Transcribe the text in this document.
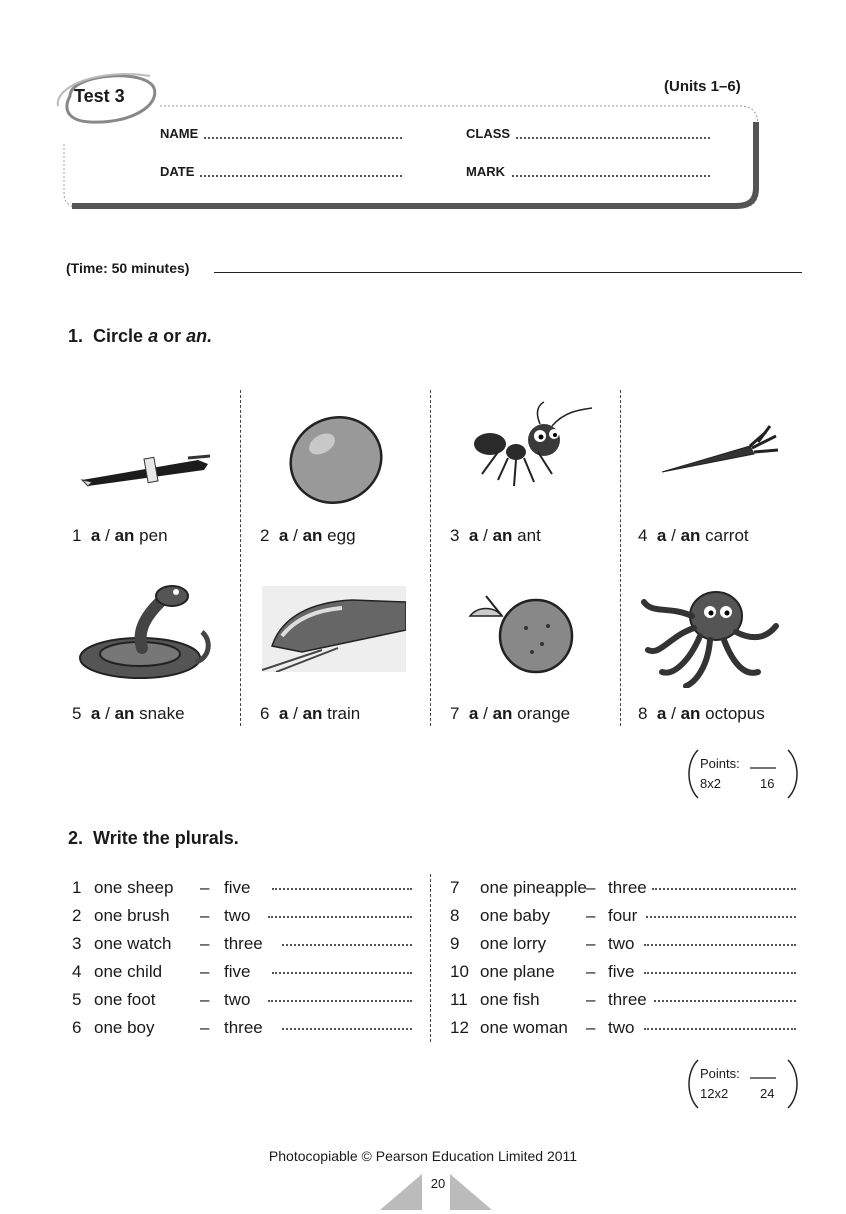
Test 3	(Units 1–6)
NAME	CLASS
DATE	MARK
(Time: 50 minutes)
1. Circle a or an.
1 a / an pen	2 a / an egg	3 a / an ant	4 a / an carrot
5 a / an snake	6 a / an train	7 a / an orange	8 a / an octopus
Points:
8x2	16
2. Write the plurals.
1 one sheep – five
2 one brush – two
3 one watch – three
4 one child – five
5 one foot	– two
6 one boy	– three
7 one pineapple – three
8 one baby – four
9 one lorry – two
10 one plane – five
11 one fish	– three
12 one woman – two
Points:
12x2 24
Photocopiable © Pearson Education Limited 2011
20
